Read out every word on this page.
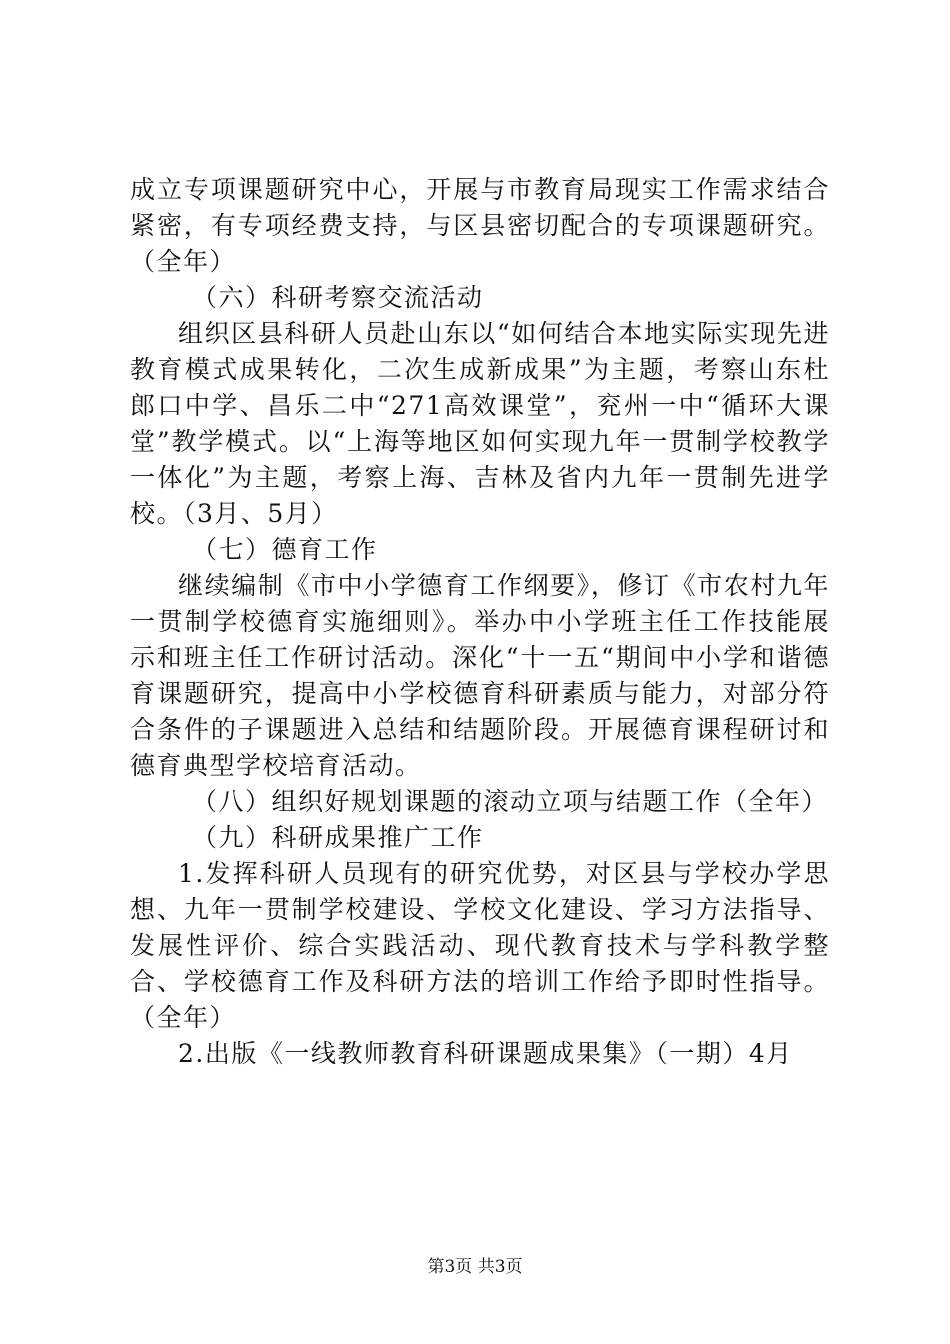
成立专项课题研究中心，开展与市教育局现实工作需求结合紧密，有专项经费支持，与区县密切配合的专项课题研究。（全年）

（六）科研考察交流活动

组织区县科研人员赴山东以“如何结合本地实际实现先进教育模式成果转化，二次生成新成果”为主题，考察山东杜郎口中学、昌乐二中“271高效课堂”，兖州一中“循环大课堂”教学模式。以“上海等地区如何实现九年一贯制学校教学一体化”为主题，考察上海、吉林及省内九年一贯制先进学校。（3月、5月）

（七）德育工作

继续编制《市中小学德育工作纲要》，修订《市农村九年一贯制学校德育实施细则》。举办中小学班主任工作技能展示和班主任工作研讨活动。深化“十一五“期间中小学和谐德育课题研究，提高中小学校德育科研素质与能力，对部分符合条件的子课题进入总结和结题阶段。开展德育课程研讨和德育典型学校培育活动。

（八）组织好规划课题的滚动立项与结题工作（全年）

（九）科研成果推广工作

1.发挥科研人员现有的研究优势，对区县与学校办学思想、九年一贯制学校建设、学校文化建设、学习方法指导、发展性评价、综合实践活动、现代教育技术与学科教学整合、学校德育工作及科研方法的培训工作给予即时性指导。（全年）

2.出版《一线教师教育科研课题成果集》（一期）4月

第3页 共3页
